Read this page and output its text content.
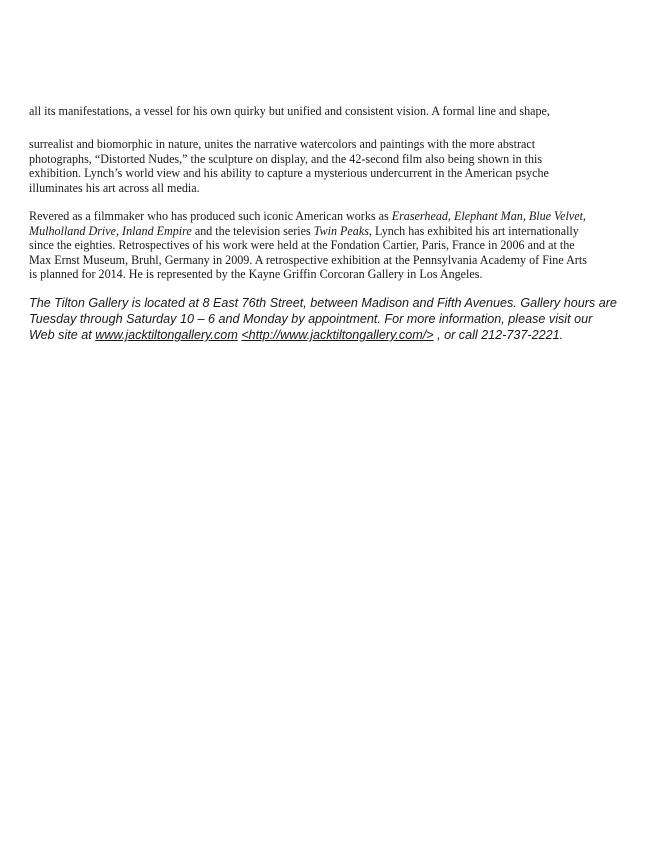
all its manifestations, a vessel for his own quirky but unified and consistent vision. A formal line and shape,

surrealist and biomorphic in nature, unites the narrative watercolors and paintings with the more abstract
photographs, “Distorted Nudes,” the sculpture on display, and the 42-second film also being shown in this
exhibition. Lynch’s world view and his ability to capture a mysterious undercurrent in the American psyche
illuminates his art across all media.

Revered as a filmmaker who has produced such iconic American works as Eraserhead, Elephant Man, Blue Velvet,
Mulholland Drive, Inland Empire and the television series Twin Peaks, Lynch has exhibited his art internationally
since the eighties. Retrospectives of his work were held at the Fondation Cartier, Paris, France in 2006 and at the
Max Ernst Museum, Bruhl, Germany in 2009. A retrospective exhibition at the Pennsylvania Academy of Fine Arts
is planned for 2014. He is represented by the Kayne Griffin Corcoran Gallery in Los Angeles.

The Tilton Gallery is located at 8 East 76th Street, between Madison and Fifth Avenues. Gallery hours are
Tuesday through Saturday 10 – 6 and Monday by appointment. For more information, please visit our
Web site at www.jacktiltongallery.com <http://www.jacktiltongallery.com/> , or call 212-737-2221.
